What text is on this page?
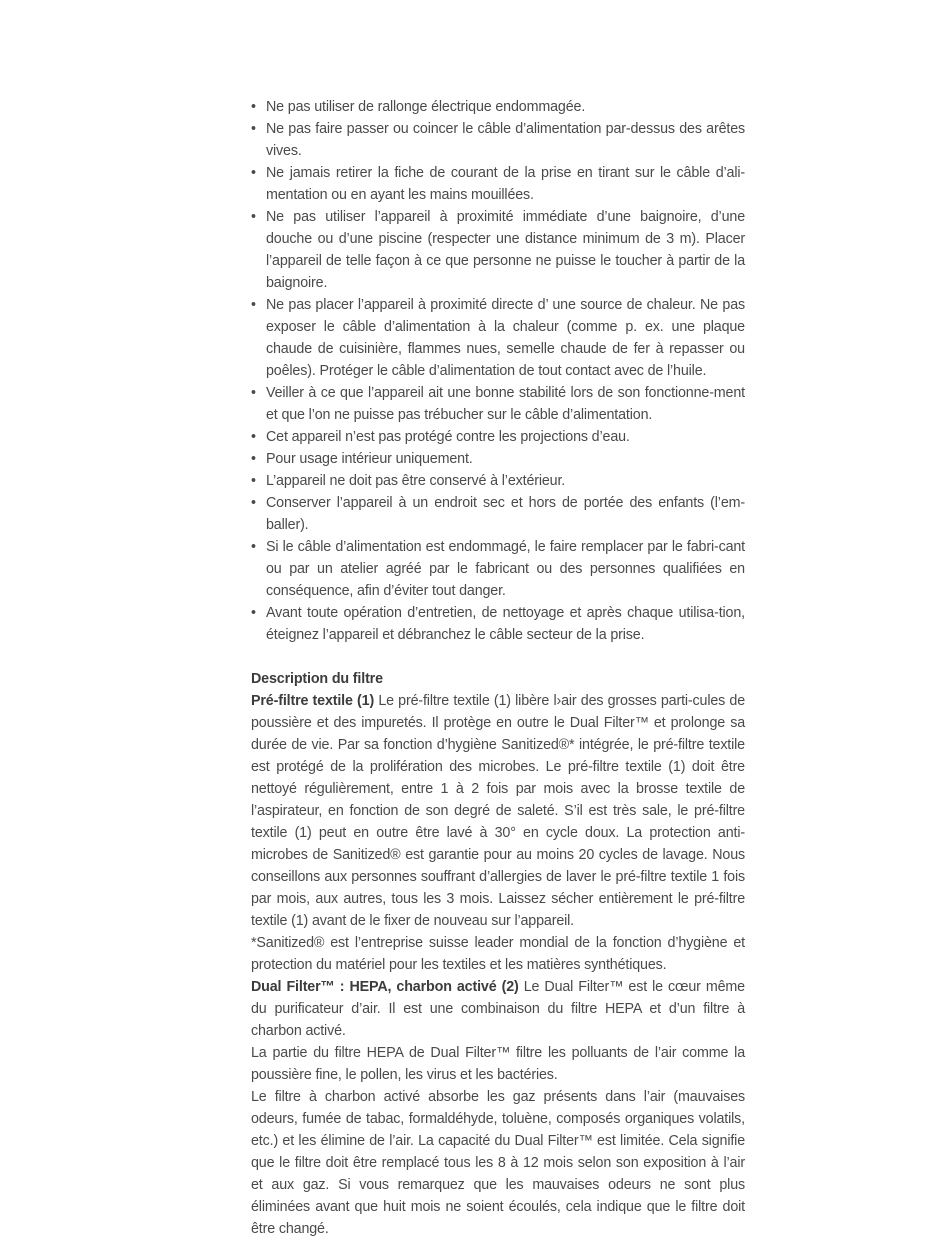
• Ne pas utiliser de rallonge électrique endommagée.
• Ne pas faire passer ou coincer le câble d’alimentation par-dessus des arêtes vives.
• Ne jamais retirer la fiche de courant de la prise en tirant sur le câble d’ali-mentation ou en ayant les mains mouillées.
• Ne pas utiliser l’appareil à proximité immédiate d’une baignoire, d’une douche ou d’une piscine (respecter une distance minimum de 3 m). Placer l’appareil de telle façon à ce que personne ne puisse le toucher à partir de la baignoire.
• Ne pas placer l’appareil à proximité directe d’ une source de chaleur. Ne pas exposer le câble d’alimentation à la chaleur (comme p. ex. une plaque chaude de cuisinière, flammes nues, semelle chaude de fer à repasser ou poêles). Protéger le câble d’alimentation de tout contact avec de l’huile.
• Veiller à ce que l’appareil ait une bonne stabilité lors de son fonctionne-ment et que l’on ne puisse pas trébucher sur le câble d’alimentation.
• Cet appareil n’est pas protégé contre les projections d’eau.
• Pour usage intérieur uniquement.
• L’appareil ne doit pas être conservé à l’extérieur.
• Conserver l’appareil à un endroit sec et hors de portée des enfants (l’em-baller).
• Si le câble d’alimentation est endommagé, le faire remplacer par le fabri-cant ou par un atelier agréé par le fabricant ou des personnes qualifiées en conséquence, afin d’éviter tout danger.
• Avant toute opération d’entretien, de nettoyage et après chaque utilisa-tion, éteignez l’appareil et débranchez le câble secteur de la prise.
Description du filtre

Pré-filtre textile (1) Le pré-filtre textile (1) libère l›air des grosses parti-cules de poussière et des impuretés. Il protège en outre le Dual Filter™ et prolonge sa durée de vie. Par sa fonction d’hygiène Sanitized®* intégrée, le pré-filtre textile est protégé de la prolifération des microbes. Le pré-filtre textile (1) doit être nettoyé régulièrement, entre 1 à 2 fois par mois avec la brosse textile de l’aspirateur, en fonction de son degré de saleté. S’il est très sale, le pré-filtre textile (1) peut en outre être lavé à 30° en cycle doux. La protection anti-microbes de Sanitized® est garantie pour au moins 20 cycles de lavage. Nous conseillons aux personnes souffrant d’allergies de laver le pré-filtre textile 1 fois par mois, aux autres, tous les 3 mois. Laissez sécher entièrement le pré-filtre textile (1) avant de le fixer de nouveau sur l’appareil.

*Sanitized® est l’entreprise suisse leader mondial de la fonction d’hygiène et protection du matériel pour les textiles et les matières synthétiques.

Dual Filter™ : HEPA, charbon activé (2) Le Dual Filter™ est le cœur même du purificateur d’air. Il est une combinaison du filtre HEPA et d’un filtre à charbon activé.

La partie du filtre HEPA de Dual Filter™ filtre les polluants de l’air comme la poussière fine, le pollen, les virus et les bactéries.

Le filtre à charbon activé absorbe les gaz présents dans l’air (mauvaises odeurs, fumée de tabac, formaldéhyde, toluène, composés organiques volatils, etc.) et les élimine de l’air. La capacité du Dual Filter™ est limitée. Cela signifie que le filtre doit être remplacé tous les 8 à 12 mois selon son exposition à l’air et aux gaz. Si vous remarquez que les mauvaises odeurs ne sont plus éliminées avant que huit mois ne soient écoulés, cela indique que le filtre doit être changé.
